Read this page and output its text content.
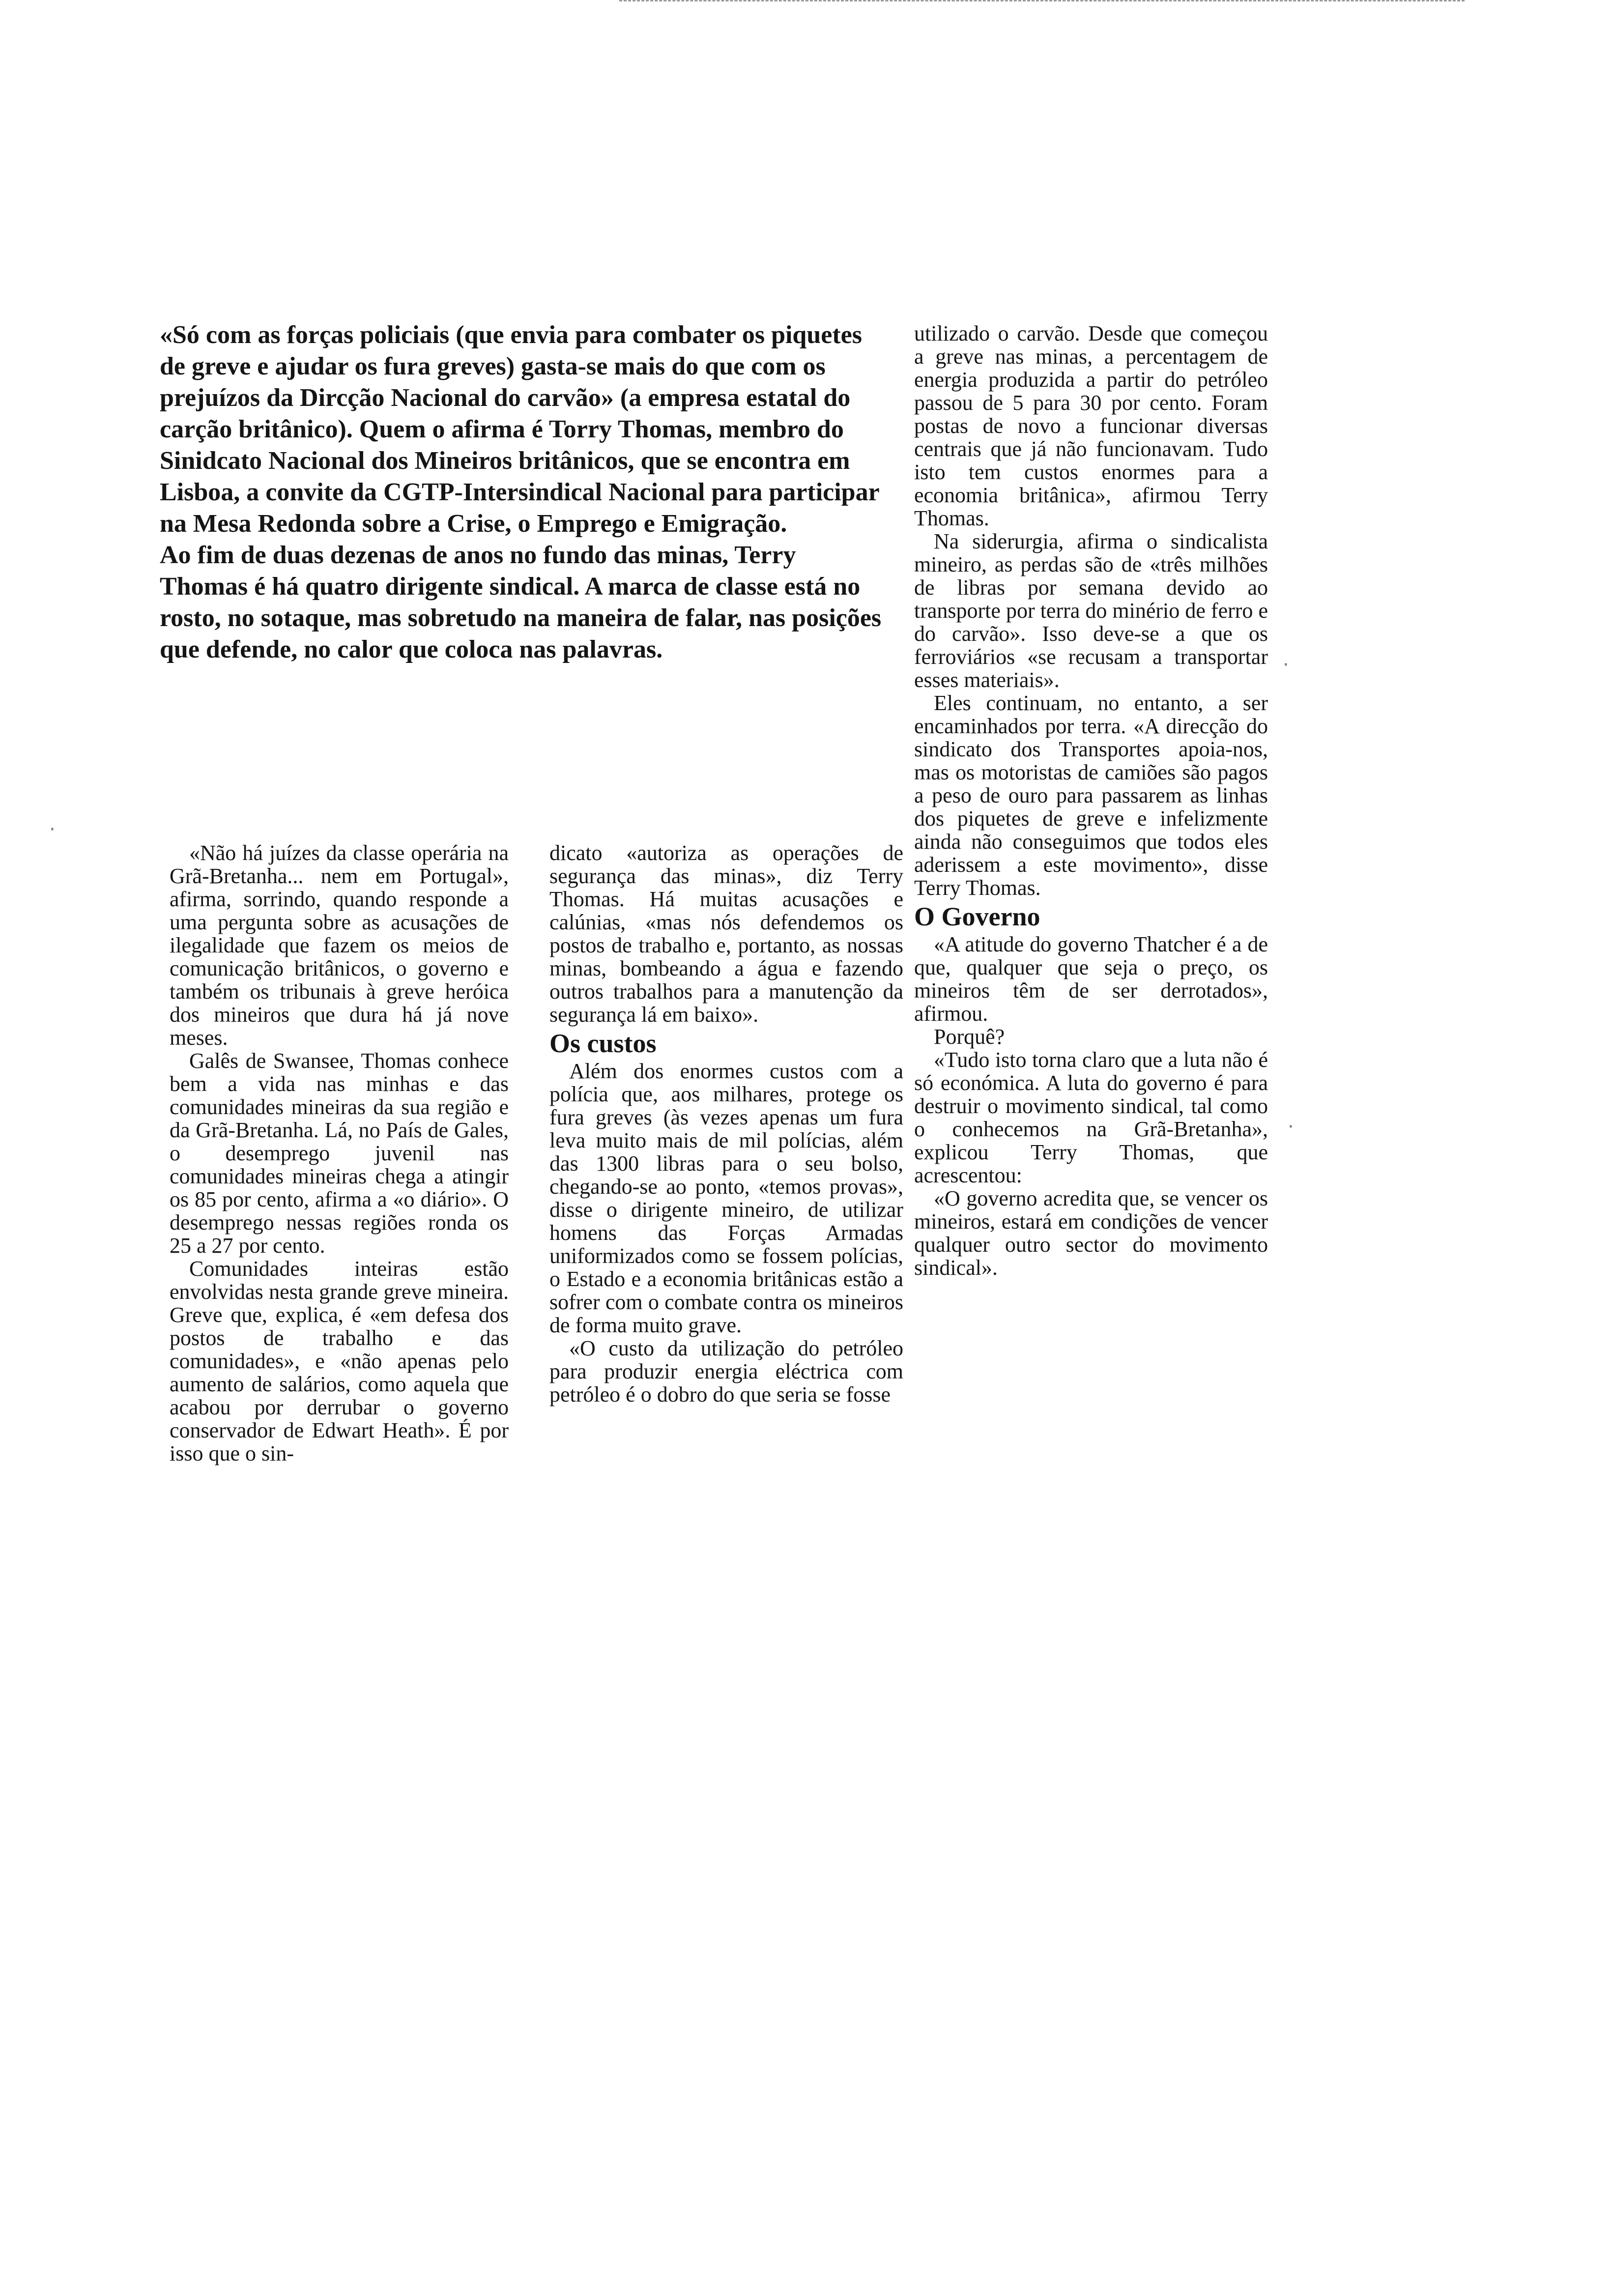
«Só com as forças policiais (que envia para combater os piquetes de greve e ajudar os fura greves) gasta-se mais do que com os prejuízos da Dircção Nacional do carvão» (a empresa estatal do carção britânico). Quem o afirma é Torry Thomas, membro do Sinidcato Nacional dos Mineiros britânicos, que se encontra em Lisboa, a convite da CGTP-Intersindical Nacional para participar na Mesa Redonda sobre a Crise, o Emprego e Emigração.

Ao fim de duas dezenas de anos no fundo das minas, Terry Thomas é há quatro dirigente sindical. A marca de classe está no rosto, no sotaque, mas sobretudo na maneira de falar, nas posições que defende, no calor que coloca nas palavras.

«Não há juízes da classe operária na Grã-Bretanha... nem em Portugal», afirma, sorrindo, quando responde a uma pergunta sobre as acusações de ilegalidade que fazem os meios de comunicação britânicos, o governo e também os tribunais à greve heróica dos mineiros que dura há já nove meses.

Galês de Swansee, Thomas conhece bem a vida nas minhas e das comunidades mineiras da sua região e da Grã-Bretanha. Lá, no País de Gales, o desemprego juvenil nas comunidades mineiras chega a atingir os 85 por cento, afirma a «o diário». O desemprego nessas regiões ronda os 25 a 27 por cento.

Comunidades inteiras estão envolvidas nesta grande greve mineira. Greve que, explica, é «em defesa dos postos de trabalho e das comunidades», e «não apenas pelo aumento de salários, como aquela que acabou por derrubar o governo conservador de Edwart Heath». É por isso que o sin-

dicato «autoriza as operações de segurança das minas», diz Terry Thomas. Há muitas acusações e calúnias, «mas nós defendemos os postos de trabalho e, portanto, as nossas minas, bombeando a água e fazendo outros trabalhos para a manutenção da segurança lá em baixo».

Os custos

Além dos enormes custos com a polícia que, aos milhares, protege os fura greves (às vezes apenas um fura leva muito mais de mil polícias, além das 1300 libras para o seu bolso, chegando-se ao ponto, «temos provas», disse o dirigente mineiro, de utilizar homens das Forças Armadas uniformizados como se fossem polícias, o Estado e a economia britânicas estão a sofrer com o combate contra os mineiros de forma muito grave.

«O custo da utilização do petróleo para produzir energia eléctrica com petróleo é o dobro do que seria se fosse

utilizado o carvão. Desde que começou a greve nas minas, a percentagem de energia produzida a partir do petróleo passou de 5 para 30 por cento. Foram postas de novo a funcionar diversas centrais que já não funcionavam. Tudo isto tem custos enormes para a economia britânica», afirmou Terry Thomas.

Na siderurgia, afirma o sindicalista mineiro, as perdas são de «três milhões de libras por semana devido ao transporte por terra do minério de ferro e do carvão». Isso deve-se a que os ferroviários «se recusam a transportar esses materiais».

Eles continuam, no entanto, a ser encaminhados por terra. «A direcção do sindicato dos Transportes apoia-nos, mas os motoristas de camiões são pagos a peso de ouro para passarem as linhas dos piquetes de greve e infelizmente ainda não conseguimos que todos eles aderissem a este movimento», disse Terry Thomas.

O Governo

«A atitude do governo Thatcher é a de que, qualquer que seja o preço, os mineiros têm de ser derrotados», afirmou.

Porquê?

«Tudo isto torna claro que a luta não é só económica. A luta do governo é para destruir o movimento sindical, tal como o conhecemos na Grã-Bretanha», explicou Terry Thomas, que acrescentou:

«O governo acredita que, se vencer os mineiros, estará em condições de vencer qualquer outro sector do movimento sindical».

·
·
·
